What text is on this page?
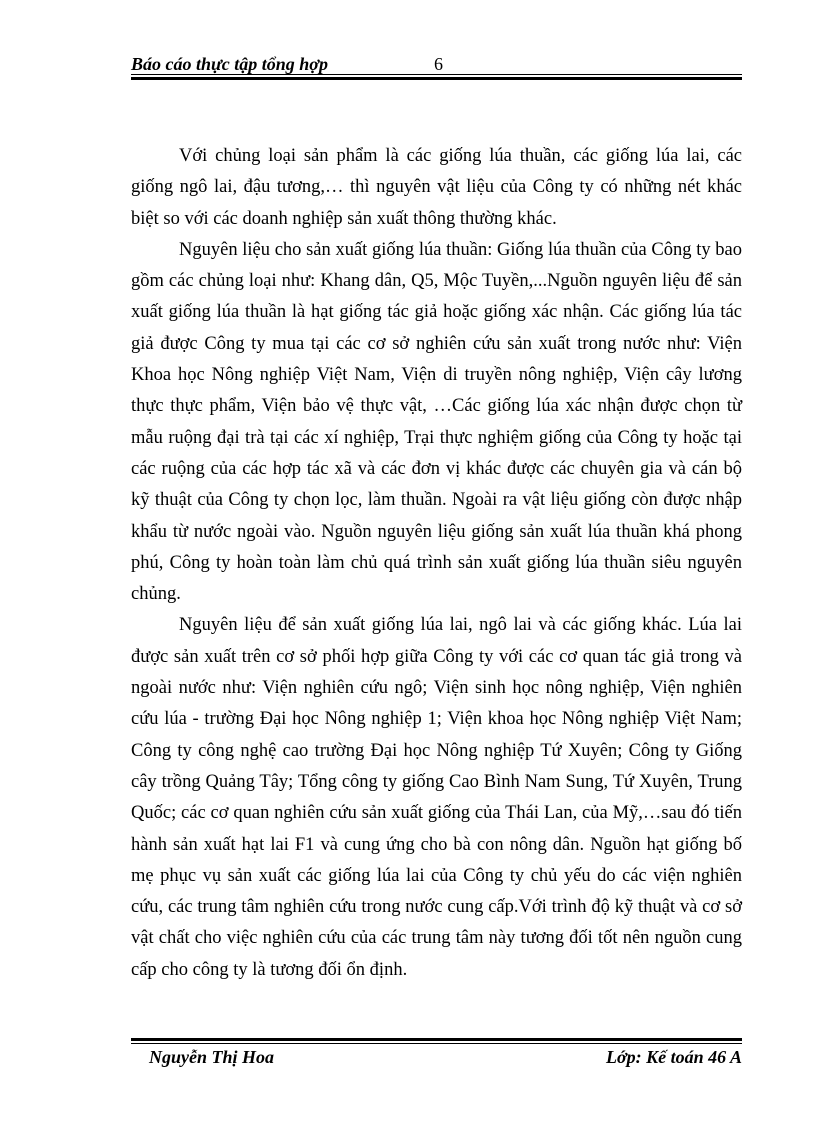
Báo cáo thực tập tổng hợp	6

Với chủng loại sản phẩm là các giống lúa thuần, các giống lúa lai, các giống ngô lai, đậu tương,… thì nguyên vật liệu của Công ty có những nét khác biệt so với các doanh nghiệp sản xuất thông thường khác.

Nguyên liệu cho sản xuất giống lúa thuần: Giống lúa thuần của Công ty bao gồm các chủng loại như: Khang dân, Q5, Mộc Tuyền,...Nguồn nguyên liệu để sản xuất giống lúa thuần là hạt giống tác giả hoặc giống xác nhận. Các giống lúa tác giả được Công ty mua tại các cơ sở nghiên cứu sản xuất trong nước như: Viện Khoa học Nông nghiệp Việt Nam, Viện di truyền nông nghiệp, Viện cây lương thực thực phẩm, Viện bảo vệ thực vật, …Các giống lúa xác nhận được chọn từ mẫu ruộng đại trà tại các xí nghiệp, Trại thực nghiệm giống của Công ty hoặc tại các ruộng của các hợp tác xã và các đơn vị khác được các chuyên gia và cán bộ kỹ thuật của Công ty chọn lọc, làm thuần. Ngoài ra vật liệu giống còn được nhập khẩu từ nước ngoài vào. Nguồn nguyên liệu giống sản xuất lúa thuần khá phong phú, Công ty hoàn toàn làm chủ quá trình sản xuất giống lúa thuần siêu nguyên chủng.

Nguyên liệu để sản xuất giống lúa lai, ngô lai và các giống khác. Lúa lai được sản xuất trên cơ sở phối hợp giữa Công ty với các cơ quan tác giả trong và ngoài nước như: Viện nghiên cứu ngô; Viện sinh học nông nghiệp, Viện nghiên cứu lúa - trường Đại học Nông nghiệp 1; Viện khoa học Nông nghiệp Việt Nam; Công ty công nghệ cao trường Đại học Nông nghiệp Tứ Xuyên; Công ty Giống cây trồng Quảng Tây; Tổng công ty giống Cao Bình Nam Sung, Tứ Xuyên, Trung Quốc; các cơ quan nghiên cứu sản xuất giống của Thái Lan, của Mỹ,…sau đó tiến hành sản xuất hạt lai F1 và cung ứng cho bà con nông dân. Nguồn hạt giống bố mẹ phục vụ sản xuất các giống lúa lai của Công ty chủ yếu do các viện nghiên cứu, các trung tâm nghiên cứu trong nước cung cấp.Với trình độ kỹ thuật và cơ sở vật chất cho việc nghiên cứu của các trung tâm này tương đối tốt nên nguồn cung cấp cho công ty là tương đối ổn định.

Nguyễn Thị Hoa	Lớp: Kế toán 46 A
